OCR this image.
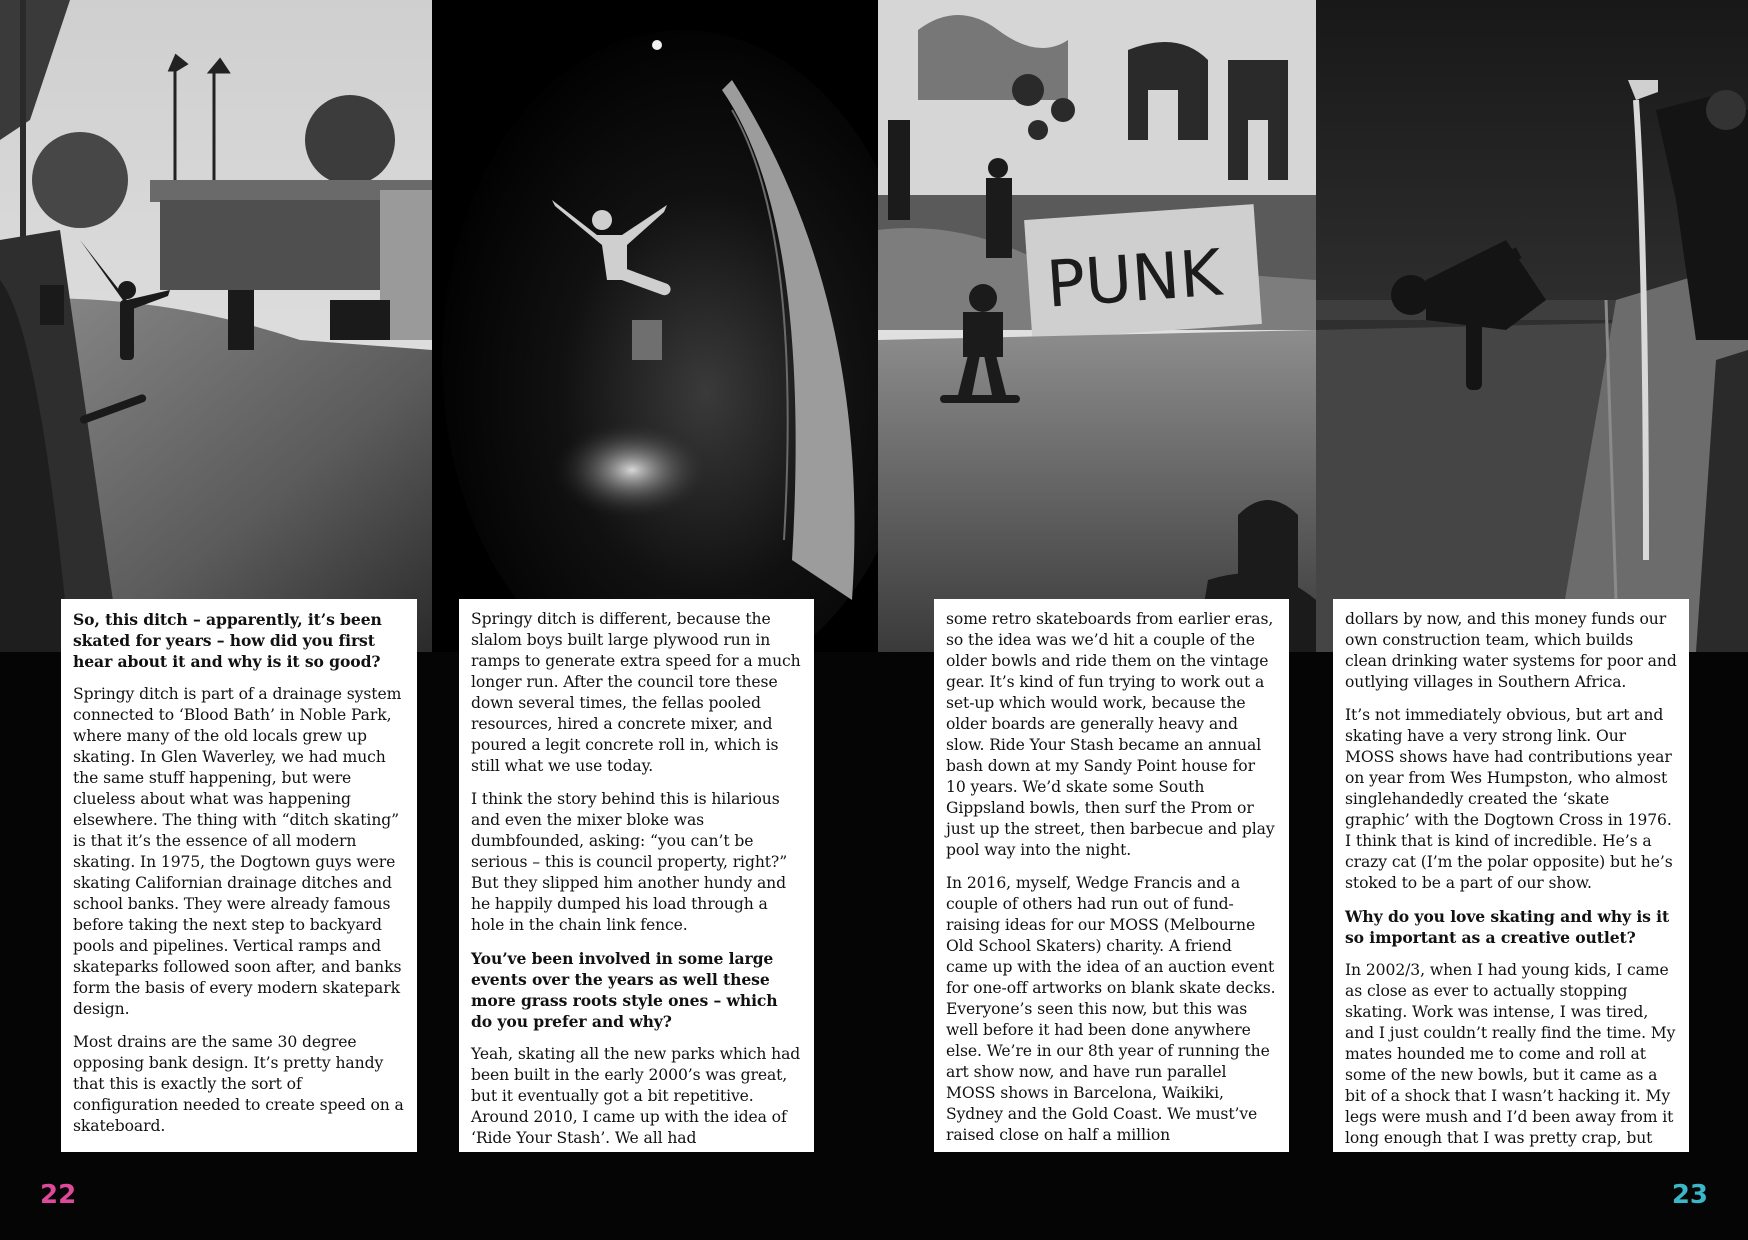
PUNK

So, this ditch – apparently, it’s been skated for years – how did you first hear about it and why is it so good?

Springy ditch is part of a drainage system connected to ‘Blood Bath’ in Noble Park, where many of the old locals grew up skating. In Glen Waverley, we had much the same stuff happening, but were clueless about what was happening elsewhere. The thing with “ditch skating” is that it’s the essence of all modern skating. In 1975, the Dogtown guys were skating Californian drainage ditches and school banks. They were already famous before taking the next step to backyard pools and pipelines. Vertical ramps and skateparks followed soon after, and banks form the basis of every modern skatepark design.

Most drains are the same 30 degree opposing bank design. It’s pretty handy that this is exactly the sort of configuration needed to create speed on a skateboard.

Springy ditch is different, because the slalom boys built large plywood run in ramps to generate extra speed for a much longer run. After the council tore these down several times, the fellas pooled resources, hired a concrete mixer, and poured a legit concrete roll in, which is still what we use today.

I think the story behind this is hilarious and even the mixer bloke was dumbfounded, asking: “you can’t be serious – this is council property, right?” But they slipped him another hundy and he happily dumped his load through a hole in the chain link fence.

You’ve been involved in some large events over the years as well these more grass roots style ones – which do you prefer and why?

Yeah, skating all the new parks which had been built in the early 2000’s was great, but it eventually got a bit repetitive. Around 2010, I came up with the idea of ‘Ride Your Stash’. We all had

some retro skateboards from earlier eras, so the idea was we’d hit a couple of the older bowls and ride them on the vintage gear. It’s kind of fun trying to work out a set-up which would work, because the older boards are generally heavy and slow. Ride Your Stash became an annual bash down at my Sandy Point house for 10 years. We’d skate some South Gippsland bowls, then surf the Prom or just up the street, then barbecue and play pool way into the night.

In 2016, myself, Wedge Francis and a couple of others had run out of fund-raising ideas for our MOSS (Melbourne Old School Skaters) charity. A friend came up with the idea of an auction event for one-off artworks on blank skate decks. Everyone’s seen this now, but this was well before it had been done anywhere else. We’re in our 8th year of running the art show now, and have run parallel MOSS shows in Barcelona, Waikiki, Sydney and the Gold Coast. We must’ve raised close on half a million

dollars by now, and this money funds our own construction team, which builds clean drinking water systems for poor and outlying villages in Southern Africa.

It’s not immediately obvious, but art and skating have a very strong link. Our MOSS shows have had contributions year on year from Wes Humpston, who almost singlehandedly created the ‘skate graphic’ with the Dogtown Cross in 1976. I think that is kind of incredible. He’s a crazy cat (I’m the polar opposite) but he’s stoked to be a part of our show.

Why do you love skating and why is it so important as a creative outlet?

In 2002/3, when I had young kids, I came as close as ever to actually stopping skating. Work was intense, I was tired, and I just couldn’t really find the time. My mates hounded me to come and roll at some of the new bowls, but it came as a bit of a shock that I wasn’t hacking it. My legs were mush and I’d been away from it long enough that I was pretty crap, but

22	23
